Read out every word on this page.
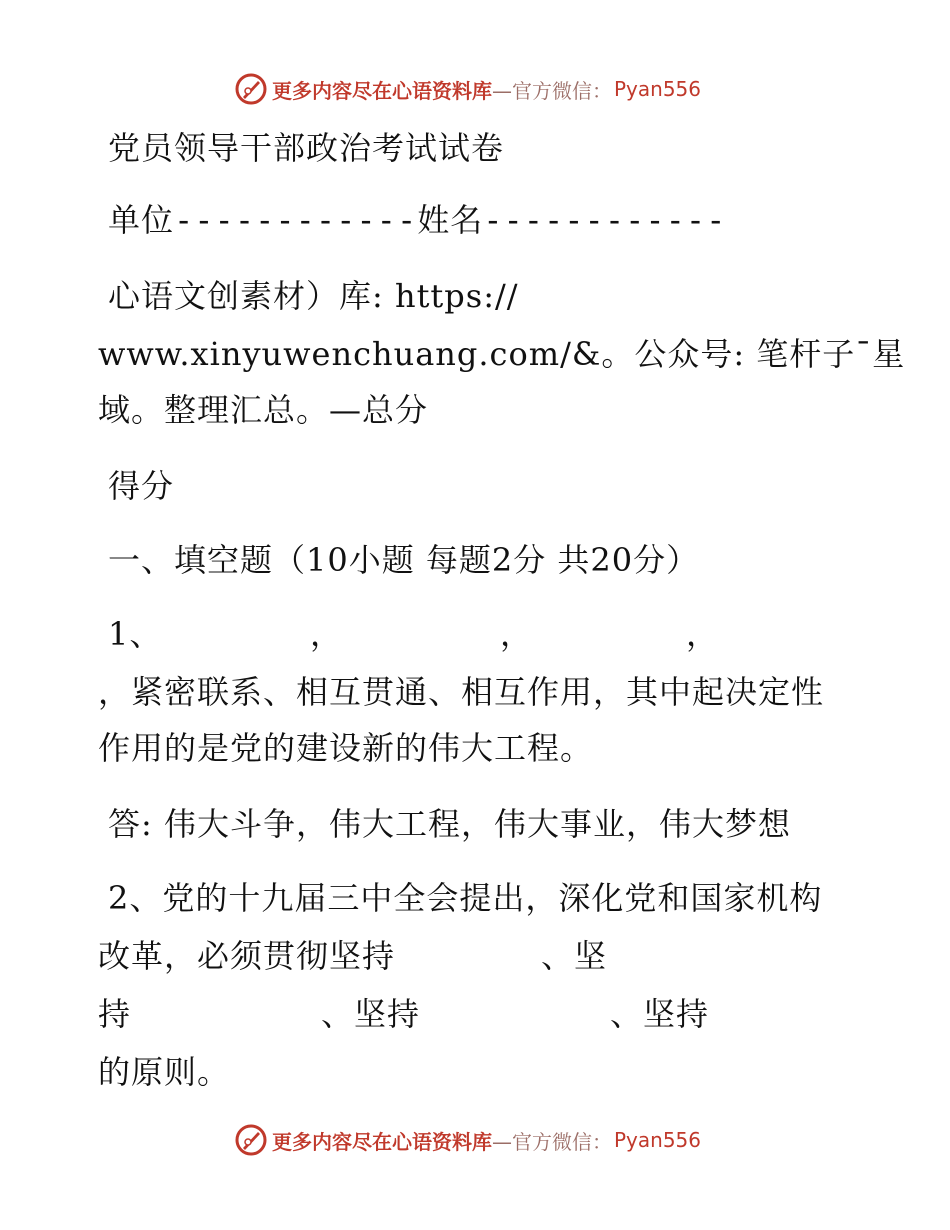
更多内容尽在心语资料库 —官方微信： Pyan556
党员领导干部政治考试试卷
单位------------姓名------------
心语文创素材）库: https://
www.xinyuwenchuang.com/&。公众号: 笔杆子¯星
域。整理汇总。—总分
得分
一、填空题（10小题 每题2分 共20分）
1、	，	，	，
，紧密联系、相互贯通、相互作用，其中起决定性
作用的是党的建设新的伟大工程。
答: 伟大斗争，伟大工程，伟大事业，伟大梦想
2、党的十九届三中全会提出，深化党和国家机构
改革，必须贯彻坚持	、坚
持	、坚持	、坚持
的原则。
更多内容尽在心语资料库 —官方微信： Pyan556
